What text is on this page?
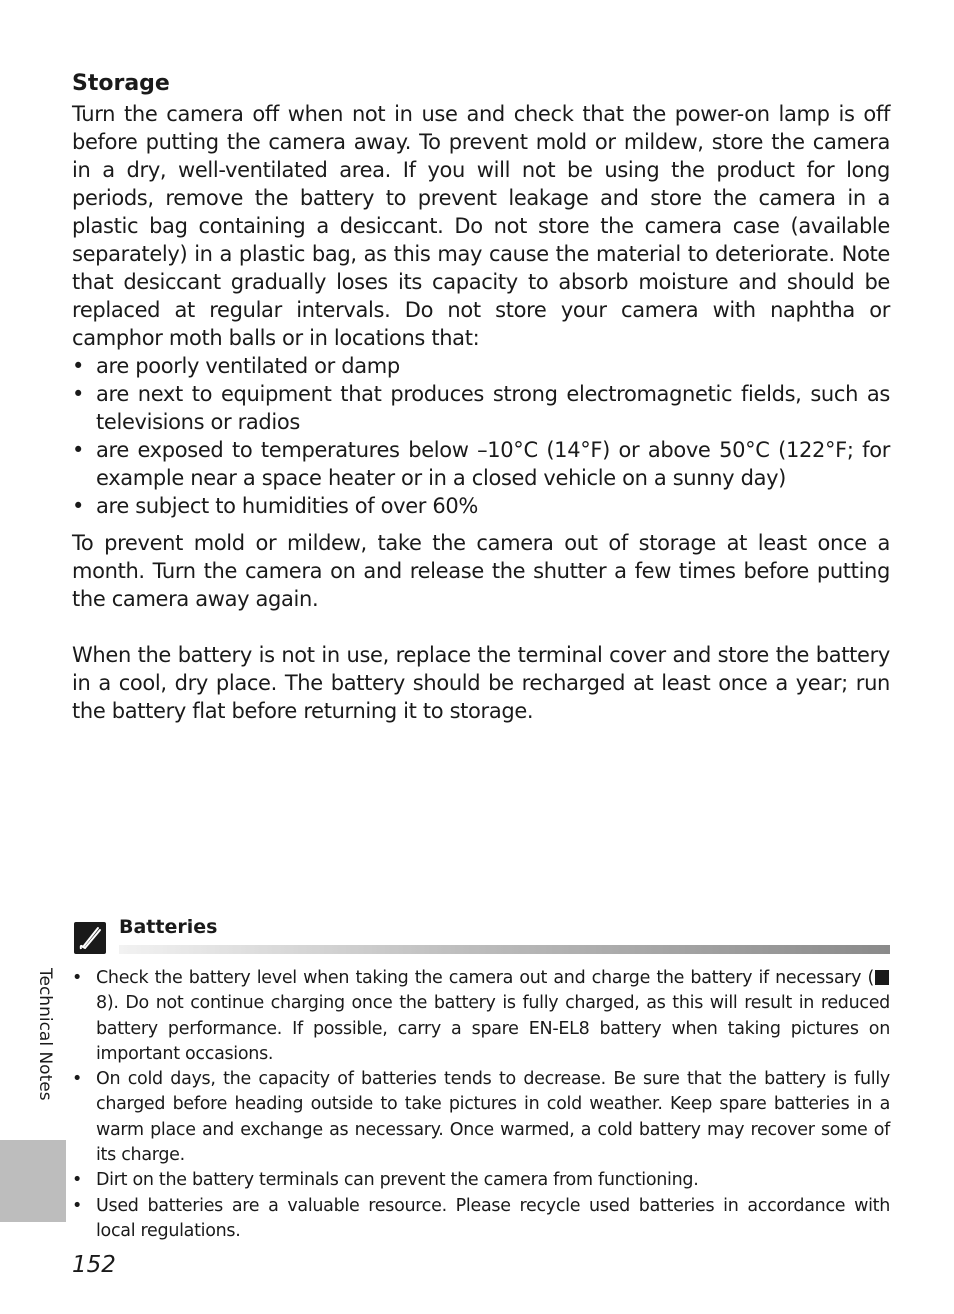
Storage

Turn the camera off when not in use and check that the power-on lamp is off before putting the camera away. To prevent mold or mildew, store the camera in a dry, well-ventilated area. If you will not be using the product for long periods, remove the battery to prevent leakage and store the camera in a plastic bag containing a desiccant. Do not store the camera case (available separately) in a plastic bag, as this may cause the material to deteriorate. Note that desiccant gradually loses its capacity to absorb moisture and should be replaced at regular intervals. Do not store your camera with naphtha or camphor moth balls or in locations that:

• are poorly ventilated or damp
• are next to equipment that produces strong electromagnetic fields, such as televisions or radios
• are exposed to temperatures below –10°C (14°F) or above 50°C (122°F; for example near a space heater or in a closed vehicle on a sunny day)
• are subject to humidities of over 60%

To prevent mold or mildew, take the camera out of storage at least once a month. Turn the camera on and release the shutter a few times before putting the camera away again.

When the battery is not in use, replace the terminal cover and store the battery in a cool, dry place. The battery should be recharged at least once a year; run the battery flat before returning it to storage.

Batteries
• Check the battery level when taking the camera out and charge the battery if necessary (8). Do not continue charging once the battery is fully charged, as this will result in reduced battery performance. If possible, carry a spare EN-EL8 battery when taking pictures on important occasions.
• On cold days, the capacity of batteries tends to decrease. Be sure that the battery is fully charged before heading outside to take pictures in cold weather. Keep spare batteries in a warm place and exchange as necessary. Once warmed, a cold battery may recover some of its charge.
• Dirt on the battery terminals can prevent the camera from functioning.
• Used batteries are a valuable resource. Please recycle used batteries in accordance with local regulations.
Technical Notes
152
